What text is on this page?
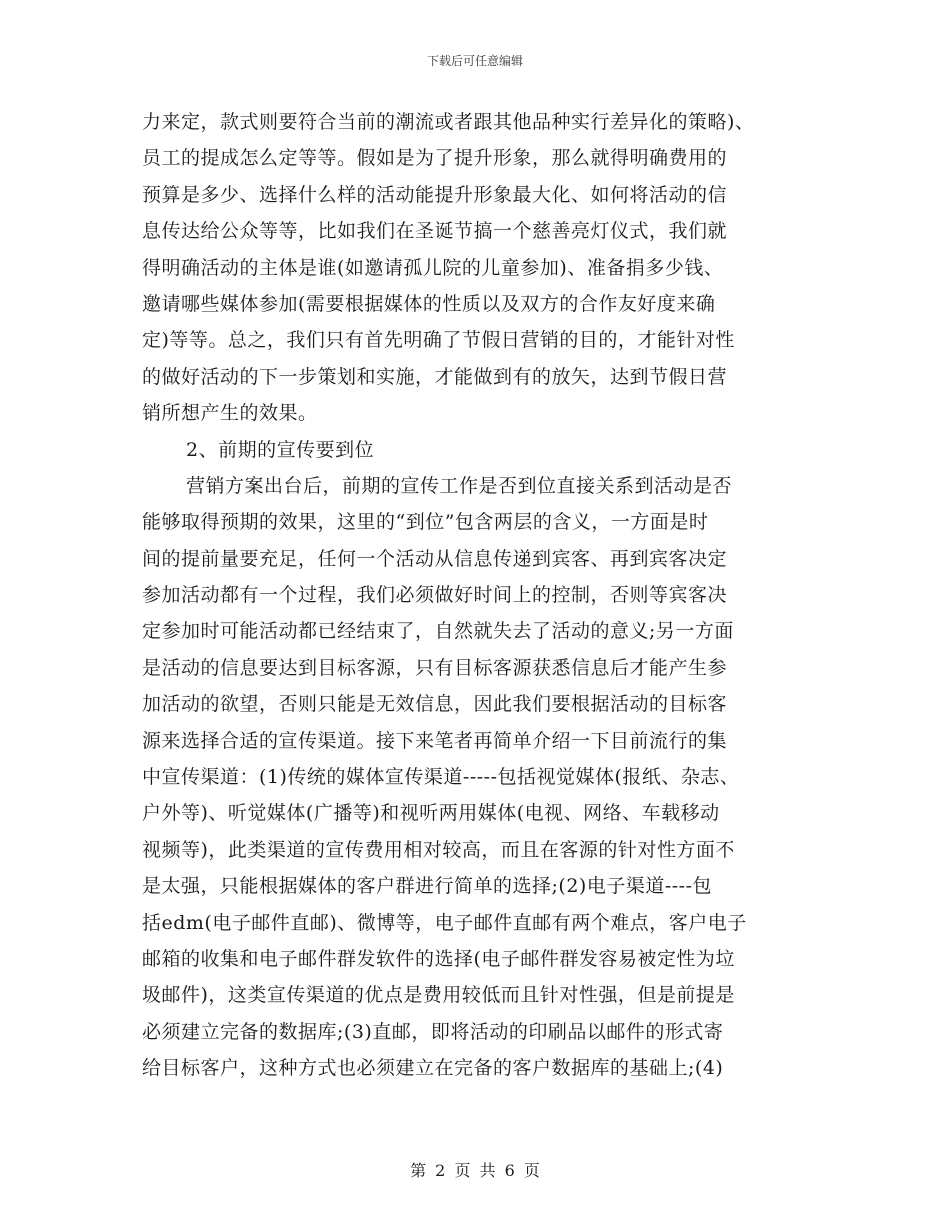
下载后可任意编辑
力来定，款式则要符合当前的潮流或者跟其他品种实行差异化的策略)、
员工的提成怎么定等等。假如是为了提升形象，那么就得明确费用的
预算是多少、选择什么样的活动能提升形象最大化、如何将活动的信
息传达给公众等等，比如我们在圣诞节搞一个慈善亮灯仪式，我们就
得明确活动的主体是谁(如邀请孤儿院的儿童参加)、准备捐多少钱、
邀请哪些媒体参加(需要根据媒体的性质以及双方的合作友好度来确
定)等等。总之，我们只有首先明确了节假日营销的目的，才能针对性
的做好活动的下一步策划和实施，才能做到有的放矢，达到节假日营
销所想产生的效果。
2、前期的宣传要到位
营销方案出台后，前期的宣传工作是否到位直接关系到活动是否
能够取得预期的效果，这里的“到位”包含两层的含义，一方面是时
间的提前量要充足，任何一个活动从信息传递到宾客、再到宾客决定
参加活动都有一个过程，我们必须做好时间上的控制，否则等宾客决
定参加时可能活动都已经结束了，自然就失去了活动的意义;另一方面
是活动的信息要达到目标客源，只有目标客源获悉信息后才能产生参
加活动的欲望，否则只能是无效信息，因此我们要根据活动的目标客
源来选择合适的宣传渠道。接下来笔者再简单介绍一下目前流行的集
中宣传渠道：(1)传统的媒体宣传渠道-----包括视觉媒体(报纸、杂志、
户外等)、听觉媒体(广播等)和视听两用媒体(电视、网络、车载移动
视频等)，此类渠道的宣传费用相对较高，而且在客源的针对性方面不
是太强，只能根据媒体的客户群进行简单的选择;(2)电子渠道----包
括edm(电子邮件直邮)、微博等，电子邮件直邮有两个难点，客户电子
邮箱的收集和电子邮件群发软件的选择(电子邮件群发容易被定性为垃
圾邮件)，这类宣传渠道的优点是费用较低而且针对性强，但是前提是
必须建立完备的数据库;(3)直邮，即将活动的印刷品以邮件的形式寄
给目标客户，这种方式也必须建立在完备的客户数据库的基础上;(4)
第 2 页 共 6 页
